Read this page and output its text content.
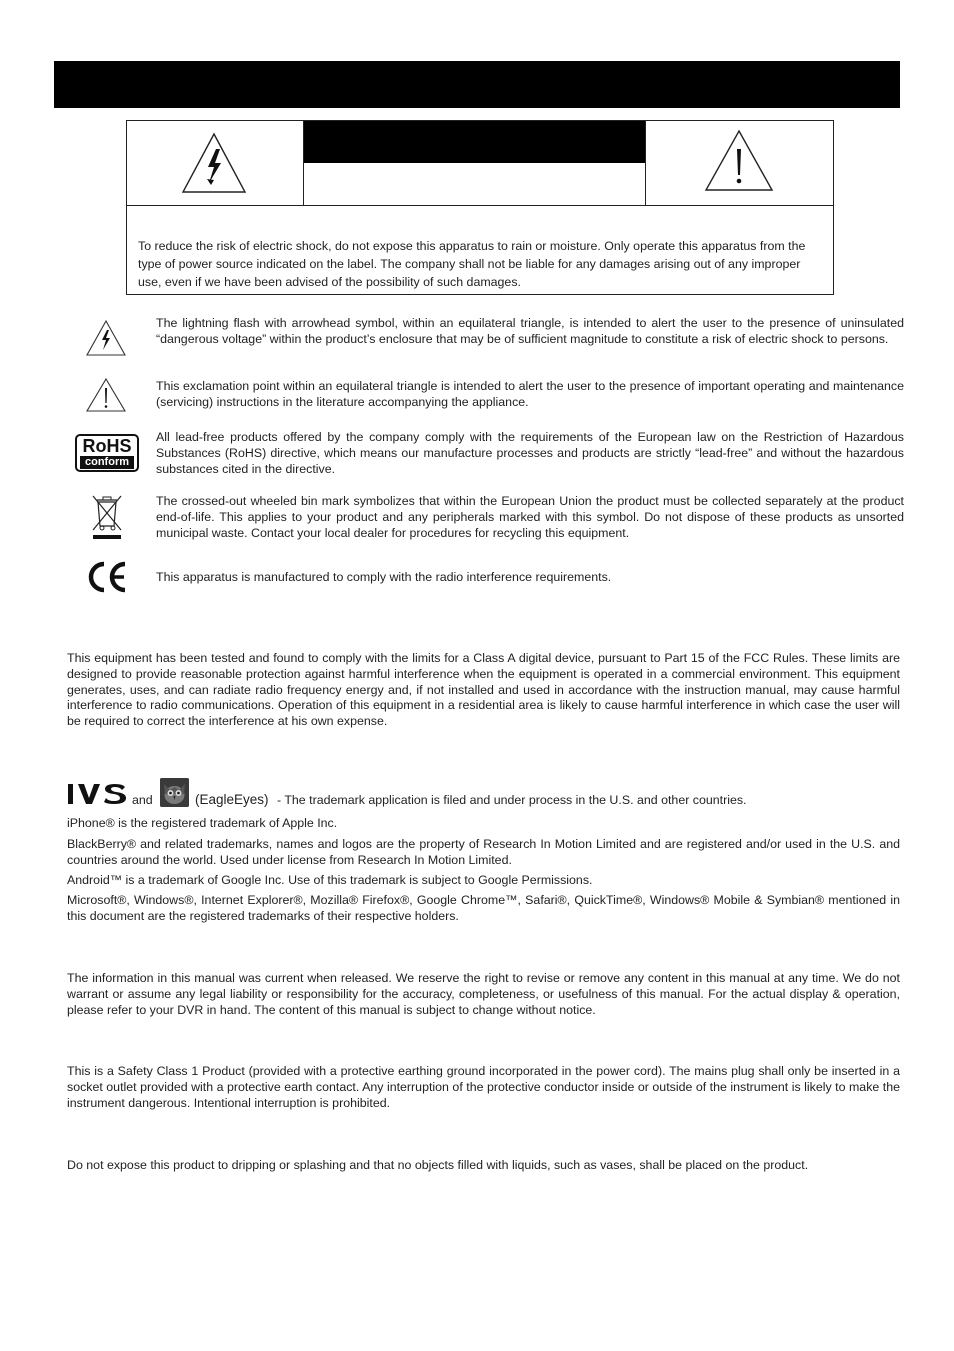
To reduce the risk of electric shock, do not expose this apparatus to rain or moisture. Only operate this apparatus from the type of power source indicated on the label. The company shall not be liable for any damages arising out of any improper use, even if we have been advised of the possibility of such damages.
The lightning flash with arrowhead symbol, within an equilateral triangle, is intended to alert the user to the presence of uninsulated “dangerous voltage” within the product’s enclosure that may be of sufficient magnitude to constitute a risk of electric shock to persons.
This exclamation point within an equilateral triangle is intended to alert the user to the presence of important operating and maintenance (servicing) instructions in the literature accompanying the appliance.
RoHS
conform
All lead-free products offered by the company comply with the requirements of the European law on the Restriction of Hazardous Substances (RoHS) directive, which means our manufacture processes and products are strictly “lead-free” and without the hazardous substances cited in the directive.
The crossed-out wheeled bin mark symbolizes that within the European Union the product must be collected separately at the product end-of-life. This applies to your product and any peripherals marked with this symbol. Do not dispose of these products as unsorted municipal waste. Contact your local dealer for procedures for recycling this equipment.
This apparatus is manufactured to comply with the radio interference requirements.
This equipment has been tested and found to comply with the limits for a Class A digital device, pursuant to Part 15 of the FCC Rules. These limits are designed to provide reasonable protection against harmful interference when the equipment is operated in a commercial environment. This equipment generates, uses, and can radiate radio frequency energy and, if not installed and used in accordance with the instruction manual, may cause harmful interference to radio communications. Operation of this equipment in a residential area is likely to cause harmful interference in which case the user will be required to correct the interference at his own expense.
and	(EagleEyes) - The trademark application is filed and under process in the U.S. and other countries.
iPhone® is the registered trademark of Apple Inc.
BlackBerry® and related trademarks, names and logos are the property of Research In Motion Limited and are registered and/or used in the U.S. and countries around the world. Used under license from Research In Motion Limited.
Android™ is a trademark of Google Inc. Use of this trademark is subject to Google Permissions.
Microsoft®, Windows®, Internet Explorer®, Mozilla® Firefox®, Google Chrome™, Safari®, QuickTime®, Windows® Mobile & Symbian® mentioned in this document are the registered trademarks of their respective holders.
The information in this manual was current when released. We reserve the right to revise or remove any content in this manual at any time. We do not warrant or assume any legal liability or responsibility for the accuracy, completeness, or usefulness of this manual. For the actual display & operation, please refer to your DVR in hand. The content of this manual is subject to change without notice.
This is a Safety Class 1 Product (provided with a protective earthing ground incorporated in the power cord). The mains plug shall only be inserted in a socket outlet provided with a protective earth contact. Any interruption of the protective conductor inside or outside of the instrument is likely to make the instrument dangerous. Intentional interruption is prohibited.
Do not expose this product to dripping or splashing and that no objects filled with liquids, such as vases, shall be placed on the product.
